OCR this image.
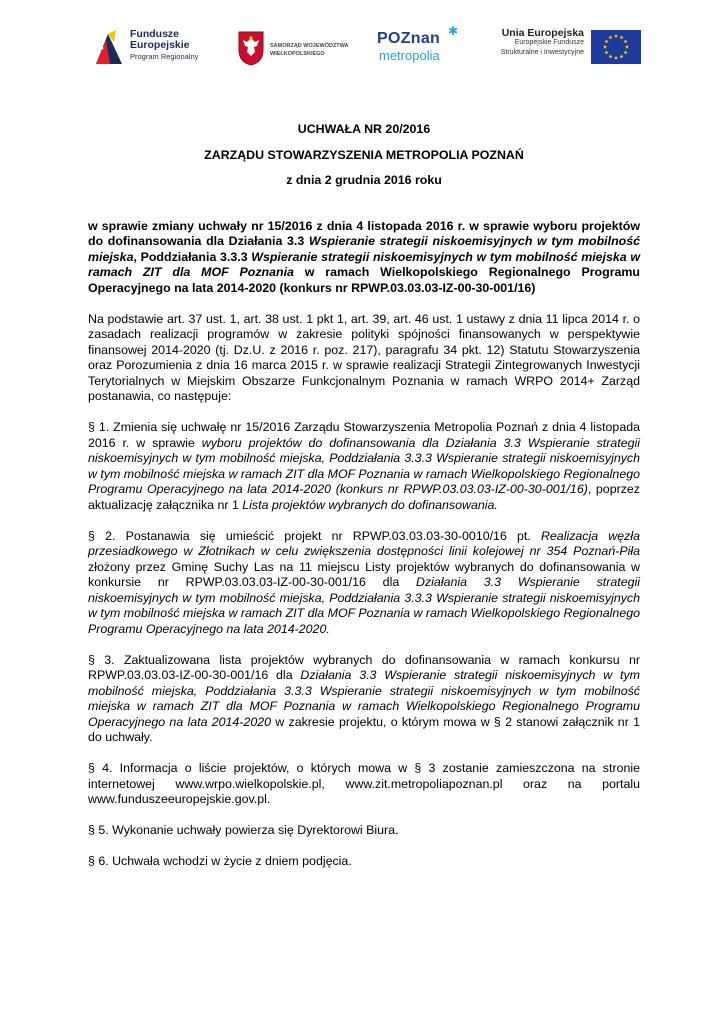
Fundusze
Europejskie
Program Regionalny
SAMORZĄD WOJEWÓDZTWA
WIELKOPOLSKIEGO
POZnan ✱
metropolia
Unia Europejska
Europejskie Fundusze
Strukturalne i Inwestycyjne
UCHWAŁA NR 20/2016
ZARZĄDU STOWARZYSZENIA METROPOLIA POZNAŃ
z dnia 2 grudnia 2016 roku
w sprawie zmiany uchwały nr 15/2016 z dnia 4 listopada 2016 r. w sprawie wyboru projektów do dofinansowania dla Działania 3.3 Wspieranie strategii niskoemisyjnych w tym mobilność miejska, Poddziałania 3.3.3 Wspieranie strategii niskoemisyjnych w tym mobilność miejska w ramach ZIT dla MOF Poznania w ramach Wielkopolskiego Regionalnego Programu Operacyjnego na lata 2014-2020 (konkurs nr RPWP.03.03.03-IZ-00-30-001/16)
Na podstawie art. 37 ust. 1, art. 38 ust. 1 pkt 1, art. 39, art. 46 ust. 1 ustawy z dnia 11 lipca 2014 r. o zasadach realizacji programów w zakresie polityki spójności finansowanych w perspektywie finansowej 2014-2020 (tj. Dz.U. z 2016 r. poz. 217), paragrafu 34 pkt. 12) Statutu Stowarzyszenia oraz Porozumienia z dnia 16 marca 2015 r. w sprawie realizacji Strategii Zintegrowanych Inwestycji Terytorialnych w Miejskim Obszarze Funkcjonalnym Poznania w ramach WRPO 2014+ Zarząd postanawia, co następuje:
§ 1. Zmienia się uchwałę nr 15/2016 Zarządu Stowarzyszenia Metropolia Poznań z dnia 4 listopada 2016 r. w sprawie wyboru projektów do dofinansowania dla Działania 3.3 Wspieranie strategii niskoemisyjnych w tym mobilność miejska, Poddziałania 3.3.3 Wspieranie strategii niskoemisyjnych w tym mobilność miejska w ramach ZIT dla MOF Poznania w ramach Wielkopolskiego Regionalnego Programu Operacyjnego na lata 2014-2020 (konkurs nr RPWP.03.03.03-IZ-00-30-001/16), poprzez aktualizację załącznika nr 1 Lista projektów wybranych do dofinansowania.
§ 2. Postanawia się umieścić projekt nr RPWP.03.03.03-30-0010/16 pt. Realizacja węzła przesiadkowego w Złotnikach w celu zwiększenia dostępności linii kolejowej nr 354 Poznań-Piła złożony przez Gminę Suchy Las na 11 miejscu Listy projektów wybranych do dofinansowania w konkursie nr RPWP.03.03.03-IZ-00-30-001/16 dla Działania 3.3 Wspieranie strategii niskoemisyjnych w tym mobilność miejska, Poddziałania 3.3.3 Wspieranie strategii niskoemisyjnych w tym mobilność miejska w ramach ZIT dla MOF Poznania w ramach Wielkopolskiego Regionalnego Programu Operacyjnego na lata 2014-2020.
§ 3. Zaktualizowana lista projektów wybranych do dofinansowania w ramach konkursu nr RPWP.03.03.03-IZ-00-30-001/16 dla Działania 3.3 Wspieranie strategii niskoemisyjnych w tym mobilność miejska, Poddziałania 3.3.3 Wspieranie strategii niskoemisyjnych w tym mobilność miejska w ramach ZIT dla MOF Poznania w ramach Wielkopolskiego Regionalnego Programu Operacyjnego na lata 2014-2020 w zakresie projektu, o którym mowa w § 2 stanowi załącznik nr 1 do uchwały.
§ 4. Informacja o liście projektów, o których mowa w § 3 zostanie zamieszczona na stronie internetowej www.wrpo.wielkopolskie.pl, www.zit.metropoliapoznan.pl oraz na portalu www.funduszeeuropejskie.gov.pl.
§ 5. Wykonanie uchwały powierza się Dyrektorowi Biura.
§ 6. Uchwała wchodzi w życie z dniem podjęcia.
